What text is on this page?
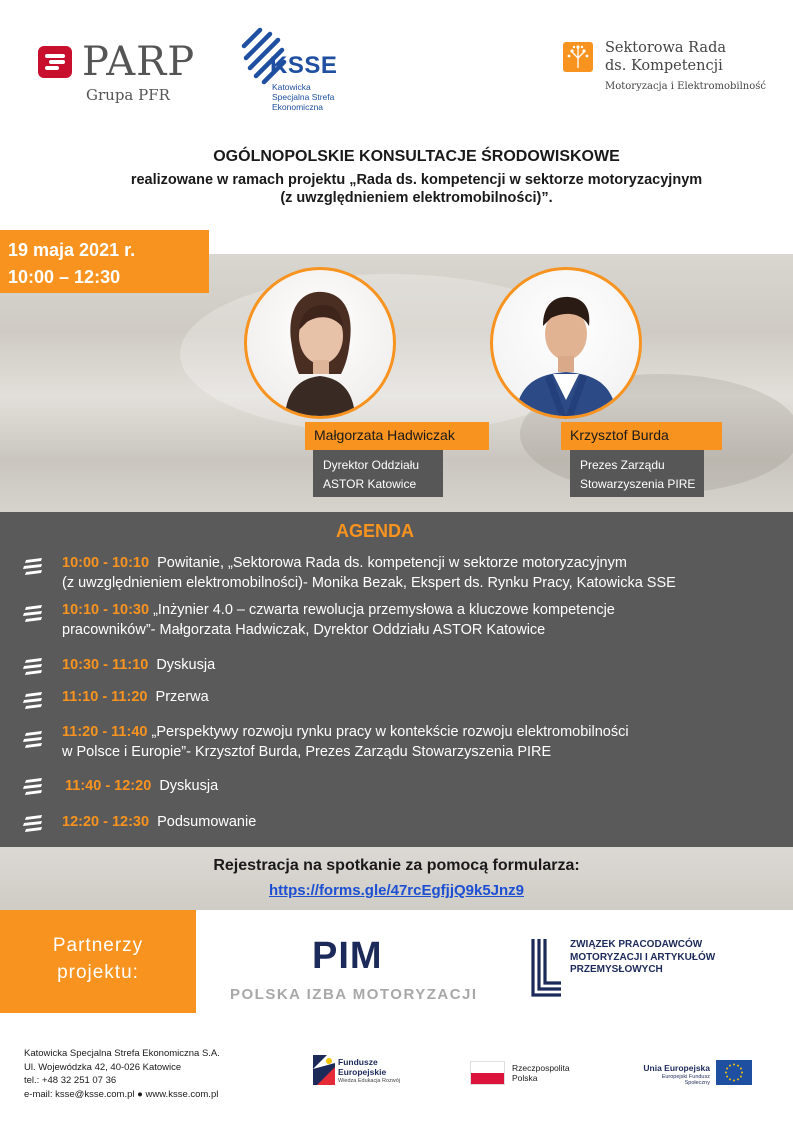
PARP
Grupa PFR
KSSE
Katowicka
Specjalna Strefa
Ekonomiczna
Sektorowa Rada
ds. Kompetencji
Motoryzacja i Elektromobilność
OGÓLNOPOLSKIE KONSULTACJE ŚRODOWISKOWE
realizowane w ramach projektu „Rada ds. kompetencji w sektorze motoryzacyjnym
(z uwzględnieniem elektromobilności)”.
19 maja 2021 r.
10:00 – 12:30
Małgorzata Hadwiczak	Krzysztof Burda
Dyrektor Oddziału
ASTOR Katowice
Prezes Zarządu
Stowarzyszenia PIRE
AGENDA
10:00 - 10:10 Powitanie, „Sektorowa Rada ds. kompetencji w sektorze motoryzacyjnym
(z uwzględnieniem elektromobilności)- Monika Bezak, Ekspert ds. Rynku Pracy, Katowicka SSE
10:10 - 10:30 „Inżynier 4.0 – czwarta rewolucja przemysłowa a kluczowe kompetencje
pracowników”- Małgorzata Hadwiczak, Dyrektor Oddziału ASTOR Katowice
10:30 - 11:10 Dyskusja
11:10 - 11:20 Przerwa
11:20 - 11:40 „Perspektywy rozwoju rynku pracy w kontekście rozwoju elektromobilności
w Polsce i Europie”- Krzysztof Burda, Prezes Zarządu Stowarzyszenia PIRE
11:40 - 12:20 Dyskusja
12:20 - 12:30 Podsumowanie
Rejestracja na spotkanie za pomocą formularza:
https://forms.gle/47rcEgfjjQ9k5Jnz9
Partnerzy
projektu:	PIM
POLSKA IZBA MOTORYZACJI
ZWIĄZEK PRACODAWCÓW
MOTORYZACJI I ARTYKUŁÓW
PRZEMYSŁOWYCH
Katowicka Specjalna Strefa Ekonomiczna S.A.
Ul. Wojewódzka 42, 40-026 Katowice
tel.: +48 32 251 07 36
e-mail: ksse@ksse.com.pl ● www.ksse.com.pl
Fundusze
Europejskie
Wiedza Edukacja Rozwój
Rzeczpospolita
Polska
Unia Europejska
Europejski Fundusz Społeczny
